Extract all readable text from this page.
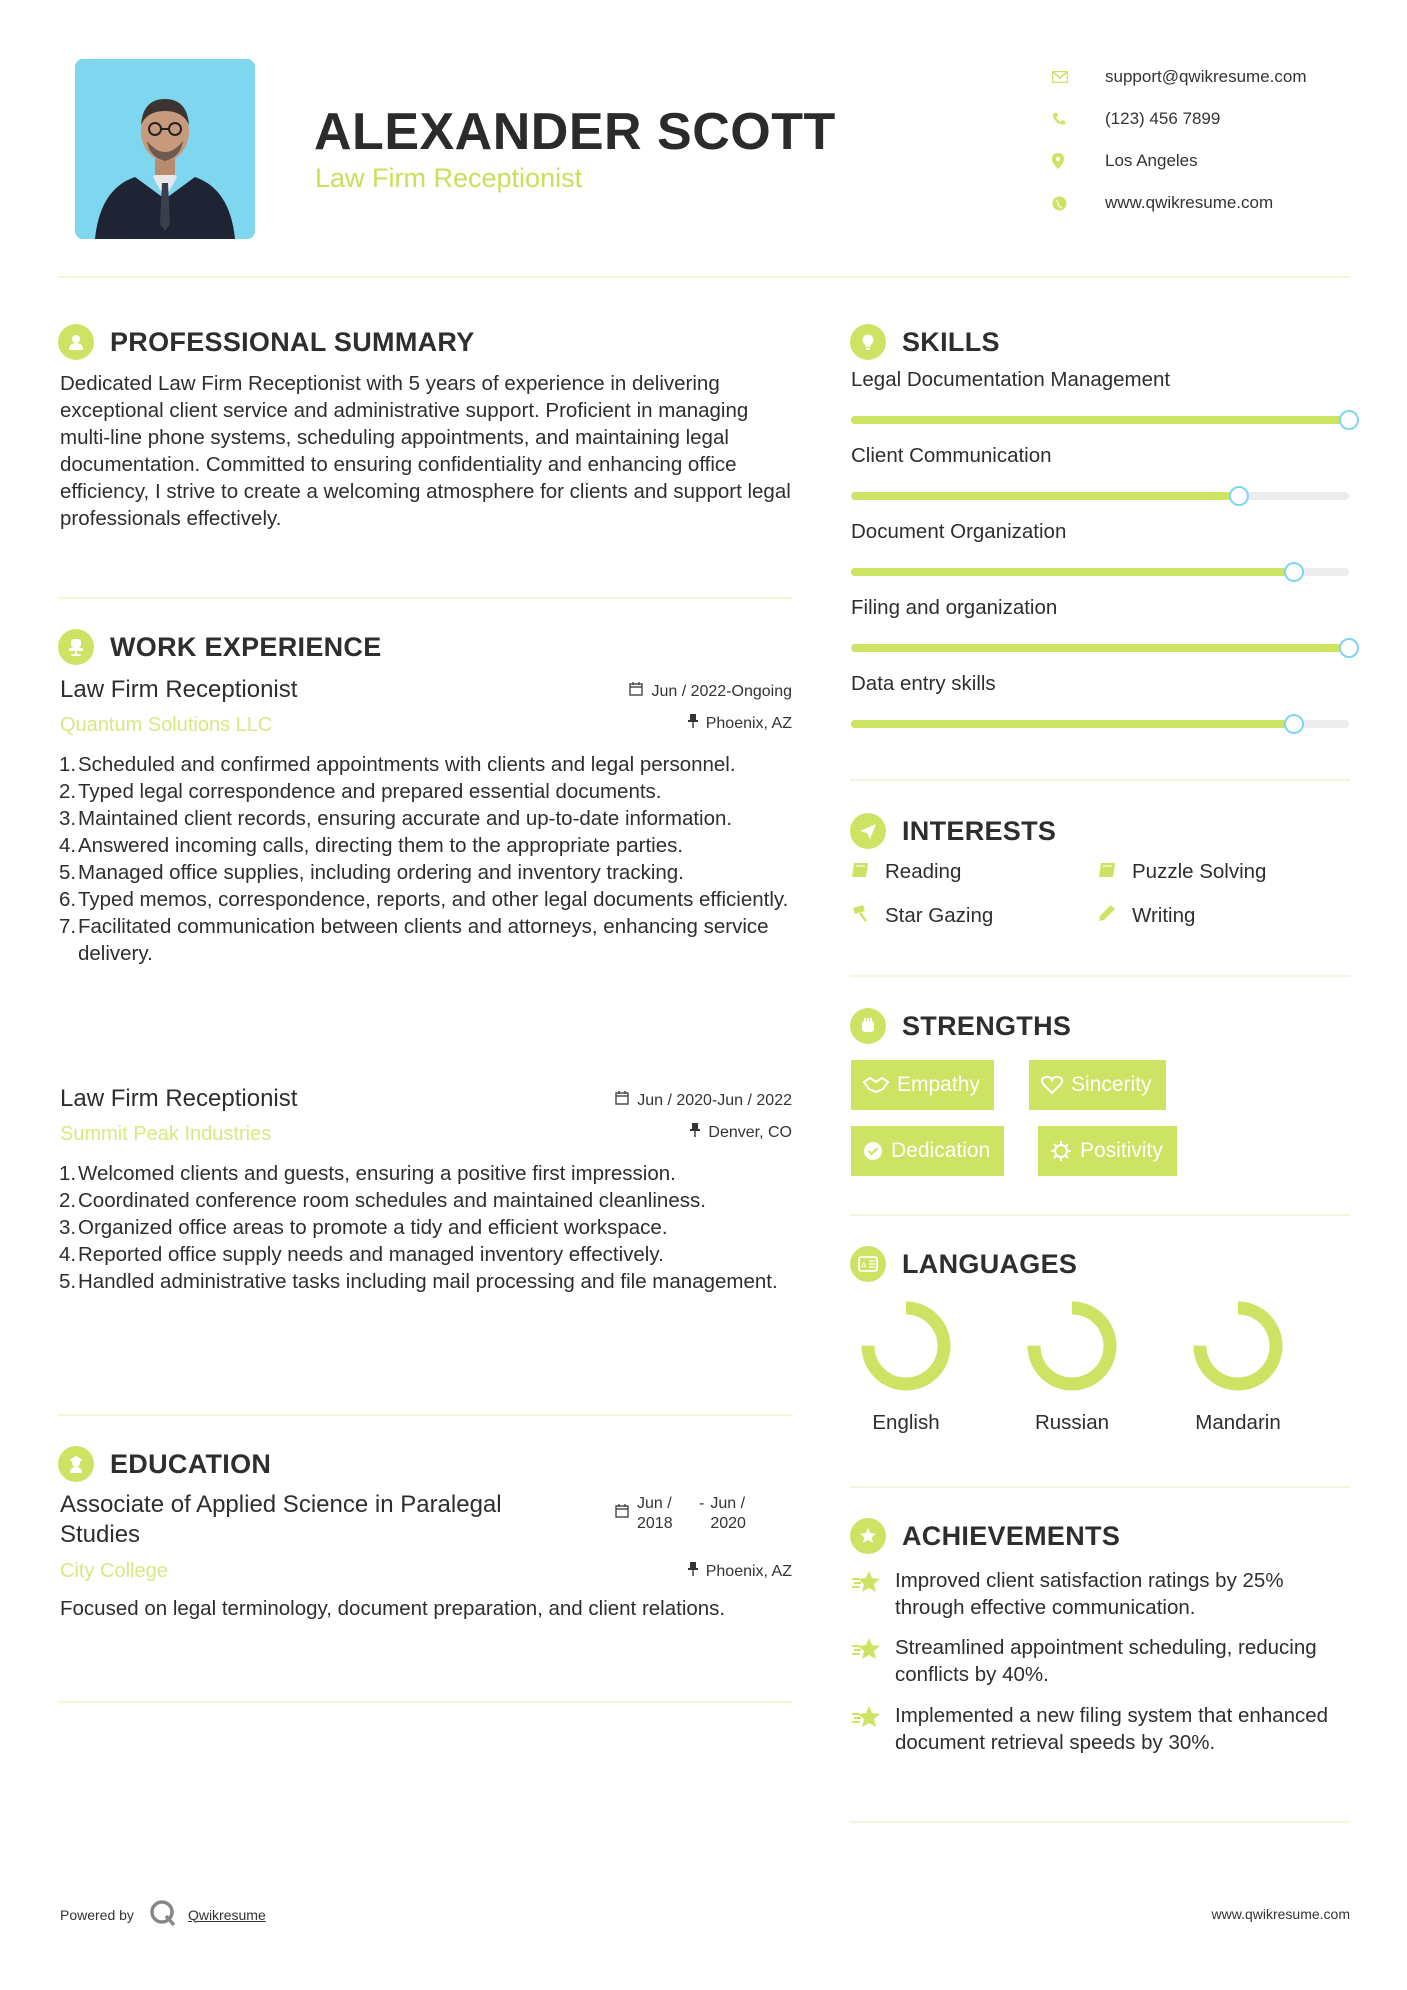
ALEXANDER SCOTT
Law Firm Receptionist
support@qwikresume.com
(123) 456 7899
Los Angeles
www.qwikresume.com
PROFESSIONAL SUMMARY
Dedicated Law Firm Receptionist with 5 years of experience in delivering exceptional client service and administrative support. Proficient in managing multi-line phone systems, scheduling appointments, and maintaining legal documentation. Committed to ensuring confidentiality and enhancing office efficiency, I strive to create a welcoming atmosphere for clients and support legal professionals effectively.
WORK EXPERIENCE
Law Firm Receptionist
Quantum Solutions LLC
Jun / 2022-Ongoing
Phoenix, AZ
Scheduled and confirmed appointments with clients and legal personnel.
Typed legal correspondence and prepared essential documents.
Maintained client records, ensuring accurate and up-to-date information.
Answered incoming calls, directing them to the appropriate parties.
Managed office supplies, including ordering and inventory tracking.
Typed memos, correspondence, reports, and other legal documents efficiently.
Facilitated communication between clients and attorneys, enhancing service delivery.
Law Firm Receptionist
Summit Peak Industries
Jun / 2020-Jun / 2022
Denver, CO
Welcomed clients and guests, ensuring a positive first impression.
Coordinated conference room schedules and maintained cleanliness.
Organized office areas to promote a tidy and efficient workspace.
Reported office supply needs and managed inventory effectively.
Handled administrative tasks including mail processing and file management.
EDUCATION
Associate of Applied Science in Paralegal Studies
City College
Jun / 2018
- Jun / 2020
Phoenix, AZ
Focused on legal terminology, document preparation, and client relations.
SKILLS
Legal Documentation Management
Client Communication
Document Organization
Filing and organization
Data entry skills
INTERESTS
Reading	Puzzle Solving
Star Gazing	Writing
STRENGTHS
Empathy	Sincerity
Dedication	Positivity
A LANGUAGES
English	Russian	Mandarin
ACHIEVEMENTS
Improved client satisfaction ratings by 25% through effective communication.
Streamlined appointment scheduling, reducing conflicts by 40%.
Implemented a new filing system that enhanced document retrieval speeds by 30%.
Powered by	Qwikresume	www.qwikresume.com
